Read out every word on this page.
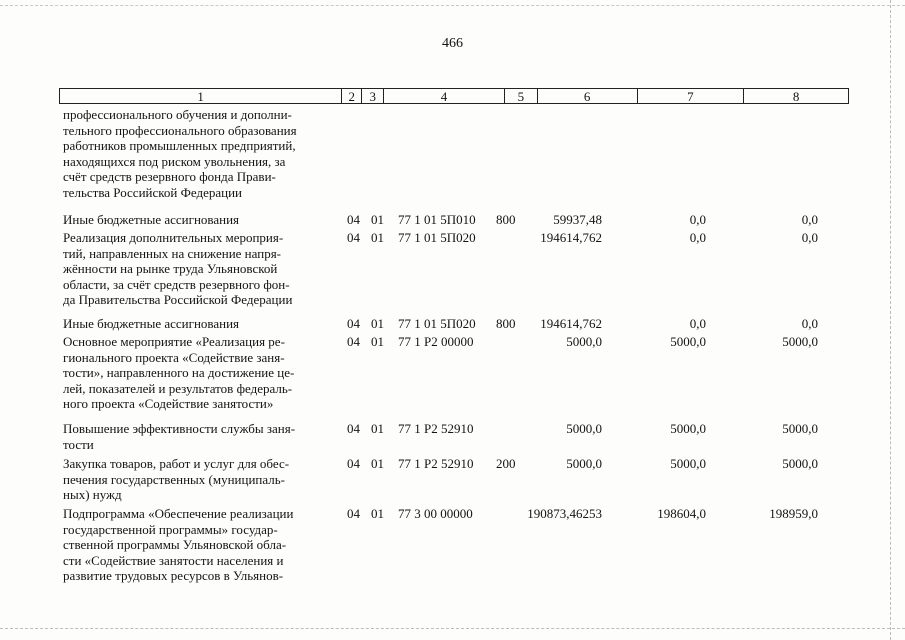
466
1	2	3	4	5	6	7	8
профессионального обучения и дополни-
тельного профессионального образования
работников промышленных предприятий,
находящихся под риском увольнения, за
счёт средств резервного фонда Прави-
тельства Российской Федерации
Иные бюджетные ассигнования	04 01 77 1 01 5П010 800	59937,48	0,0	0,0
Реализация дополнительных мероприя-
тий, направленных на снижение напря-
жённости на рынке труда Ульяновской
области, за счёт средств резервного фон-
да Правительства Российской Федерации
04 01 77 1 01 5П020	194614,762	0,0	0,0
Иные бюджетные ассигнования	04 01 77 1 01 5П020 800 194614,762	0,0	0,0
Основное мероприятие «Реализация ре-
гионального проекта «Содействие заня-
тости», направленного на достижение це-
лей, показателей и результатов федераль-
ного проекта «Содействие занятости»
04 01 77 1 P2 00000	5000,0	5000,0	5000,0
Повышение эффективности службы заня-
тости
04 01 77 1 P2 52910	5000,0	5000,0	5000,0
Закупка товаров, работ и услуг для обес-
печения государственных (муниципаль-
ных) нужд
04 01 77 1 P2 52910 200	5000,0	5000,0	5000,0
Подпрограмма «Обеспечение реализации
государственной программы» государ-
ственной программы Ульяновской обла-
сти «Содействие занятости населения и
развитие трудовых ресурсов в Ульянов-
04 01 77 3 00 00000	190873,46253	198604,0	198959,0
